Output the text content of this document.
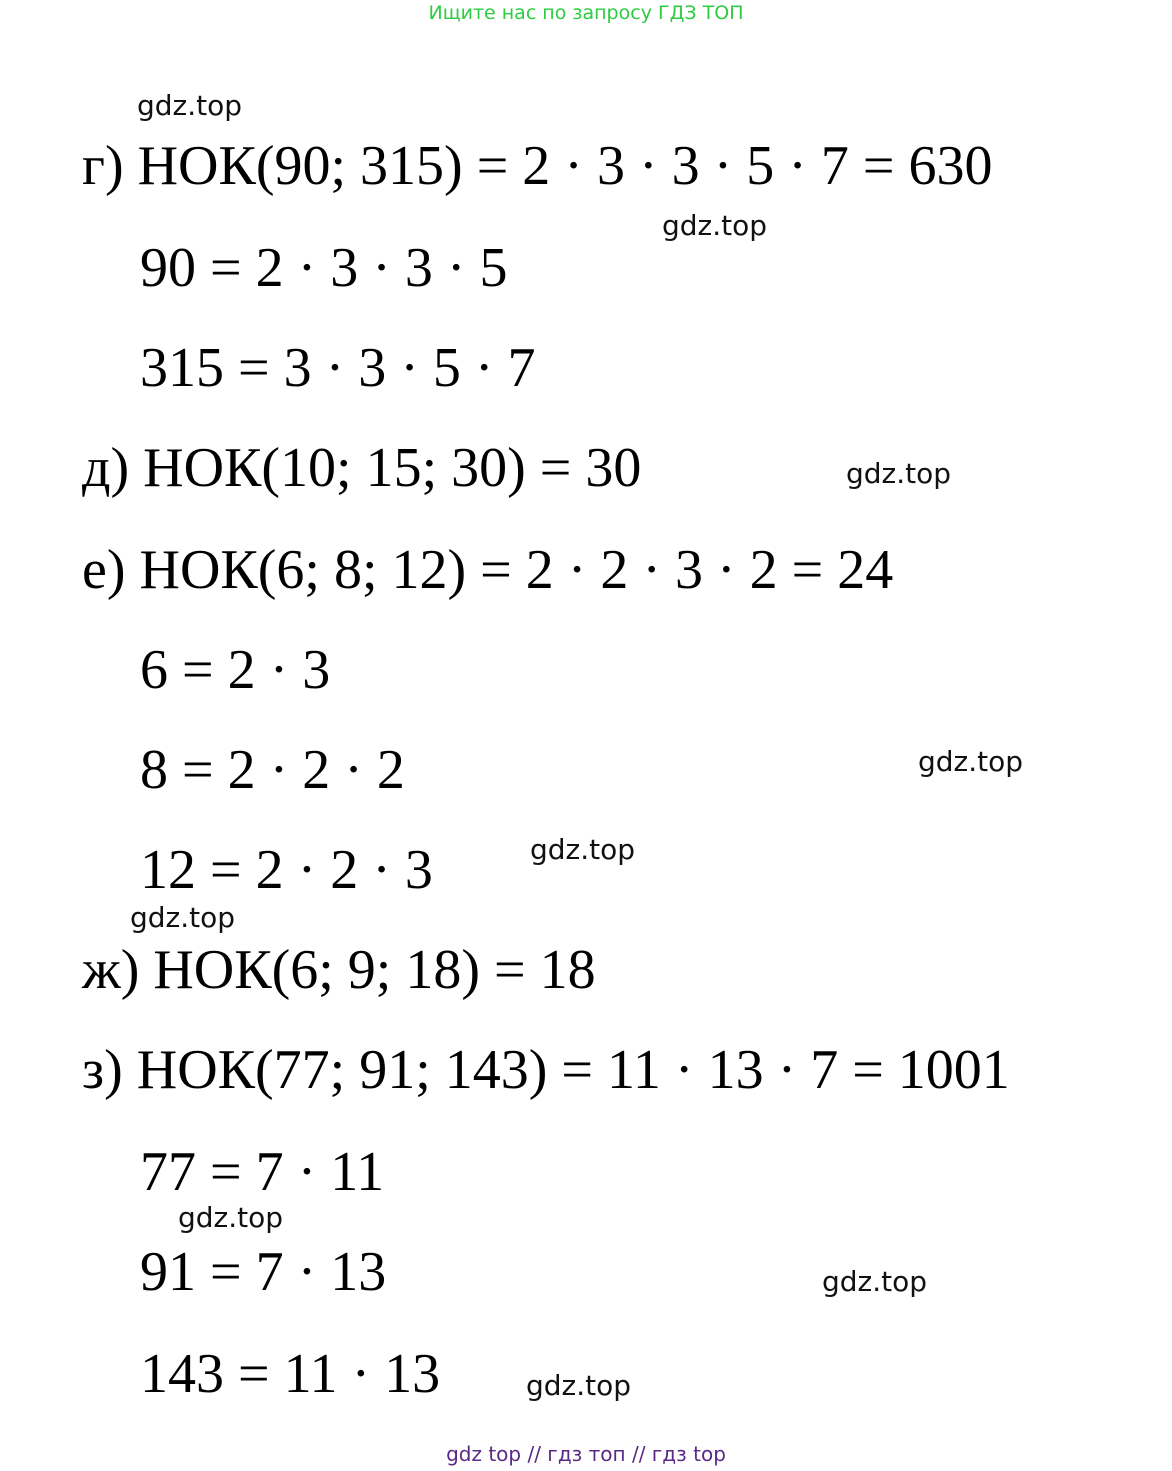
Ищите нас по запросу ГДЗ ТОП
gdz.top
г) НОК(90; 315) = 2 · 3 · 3 · 5 · 7 = 630
gdz.top
90 = 2 · 3 · 3 · 5
315 = 3 · 3 · 5 · 7
д) НОК(10; 15; 30) = 30	gdz.top
е) НОК(6; 8; 12) = 2 · 2 · 3 · 2 = 24
6 = 2 · 3
gdz.top
8 = 2 · 2 · 2
gdz.top
12 = 2 · 2 · 3
gdz.top
ж) НОК(6; 9; 18) = 18
з) НОК(77; 91; 143) = 11 · 13 · 7 = 1001
77 = 7 · 11
gdz.top
91 = 7 · 13	gdz.top
143 = 11 · 13	gdz.top
gdz top // гдз топ // гдз top
